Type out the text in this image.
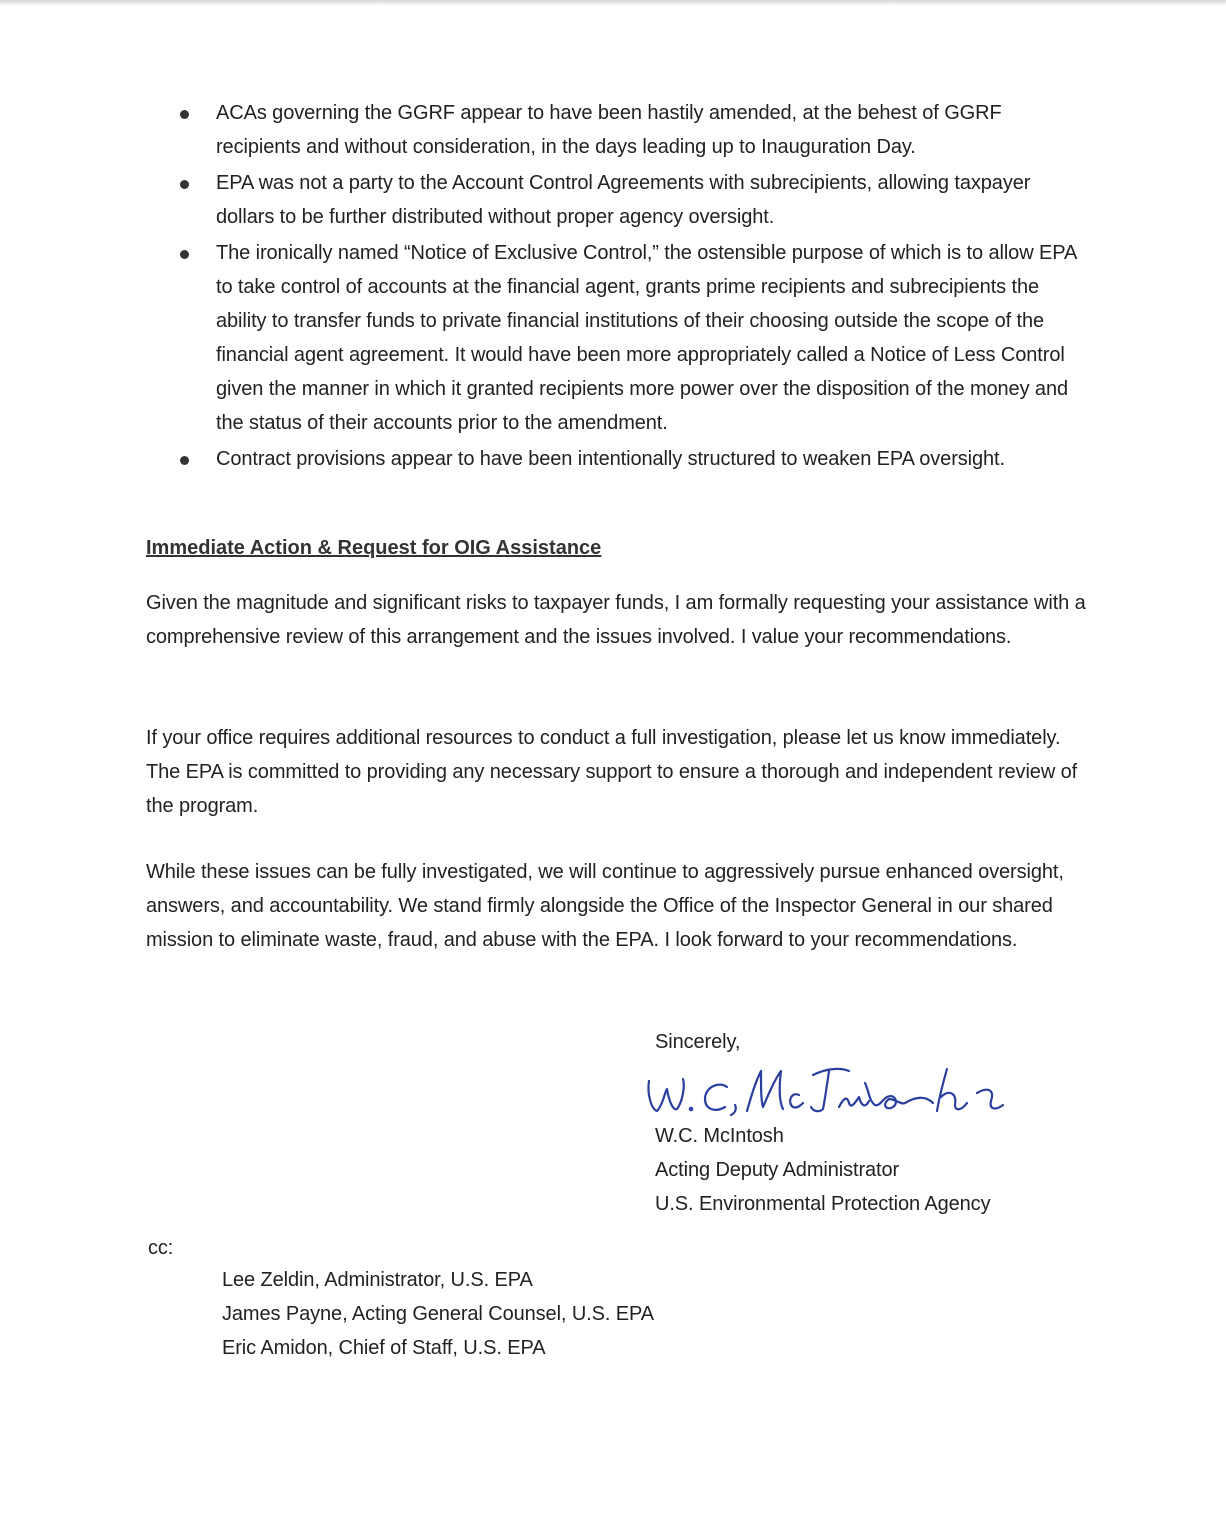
ACAs governing the GGRF appear to have been hastily amended, at the behest of GGRF recipients and without consideration, in the days leading up to Inauguration Day.
EPA was not a party to the Account Control Agreements with subrecipients, allowing taxpayer dollars to be further distributed without proper agency oversight.
The ironically named “Notice of Exclusive Control,” the ostensible purpose of which is to allow EPA to take control of accounts at the financial agent, grants prime recipients and subrecipients the ability to transfer funds to private financial institutions of their choosing outside the scope of the financial agent agreement. It would have been more appropriately called a Notice of Less Control given the manner in which it granted recipients more power over the disposition of the money and the status of their accounts prior to the amendment.
Contract provisions appear to have been intentionally structured to weaken EPA oversight.
Immediate Action & Request for OIG Assistance

Given the magnitude and significant risks to taxpayer funds, I am formally requesting your assistance with a comprehensive review of this arrangement and the issues involved. I value your recommendations.

If your office requires additional resources to conduct a full investigation, please let us know immediately. The EPA is committed to providing any necessary support to ensure a thorough and independent review of the program.

While these issues can be fully investigated, we will continue to aggressively pursue enhanced oversight, answers, and accountability. We stand firmly alongside the Office of the Inspector General in our shared mission to eliminate waste, fraud, and abuse with the EPA. I look forward to your recommendations.

Sincerely,
W.C. McIntosh
Acting Deputy Administrator
U.S. Environmental Protection Agency
cc:
Lee Zeldin, Administrator, U.S. EPA
James Payne, Acting General Counsel, U.S. EPA
Eric Amidon, Chief of Staff, U.S. EPA
